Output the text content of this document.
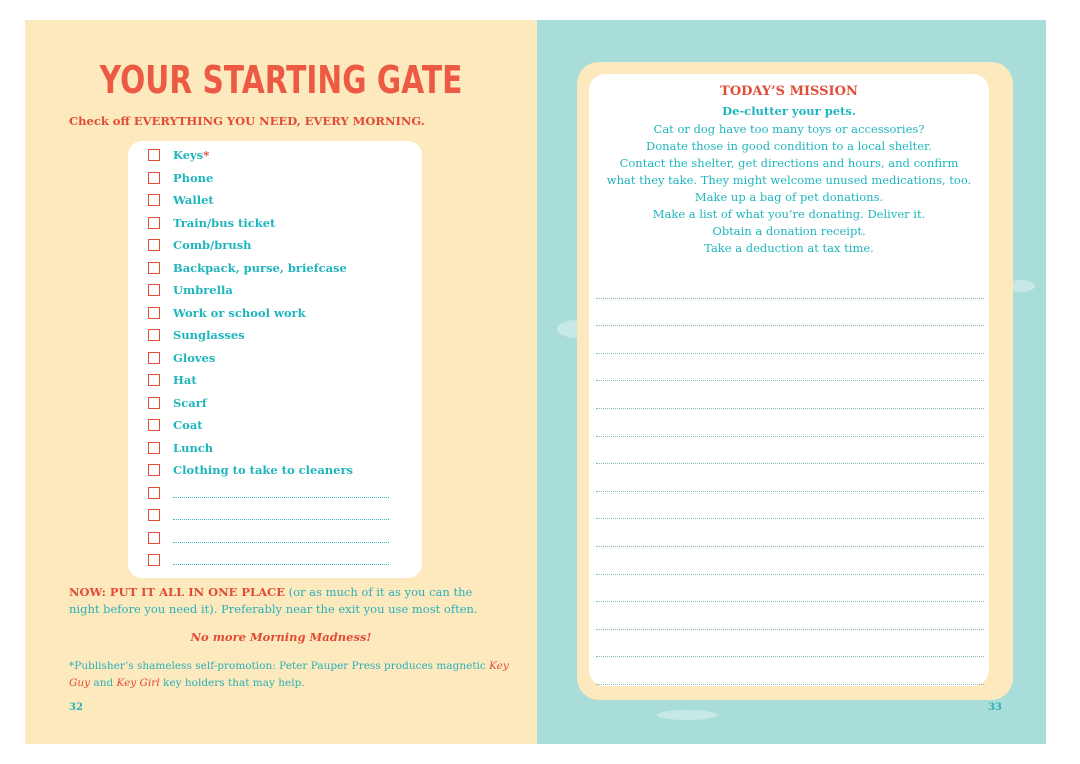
YOUR STARTING GATE
Check off EVERYTHING YOU NEED, EVERY MORNING.
Keys *
Phone
Wallet
Train/bus ticket
Comb/brush
Backpack, purse, briefcase
Umbrella
Work or school work
Sunglasses
Gloves
Hat
Scarf
Coat
Lunch
Clothing to take to cleaners
NOW: PUT IT ALL IN ONE PLACE (or as much of it as you can the night before you need it). Preferably near the exit you use most often.
No more Morning Madness!
*Publisher’s shameless self-promotion: Peter Pauper Press produces magnetic Key Guy and Key Girl key holders that may help.
32
TODAY’S MISSION
De-clutter your pets.
Cat or dog have too many toys or accessories?
Donate those in good condition to a local shelter.
Contact the shelter, get directions and hours, and confirm
what they take. They might welcome unused medications, too.
Make up a bag of pet donations.
Make a list of what you’re donating. Deliver it.
Obtain a donation receipt.
Take a deduction at tax time.
33
